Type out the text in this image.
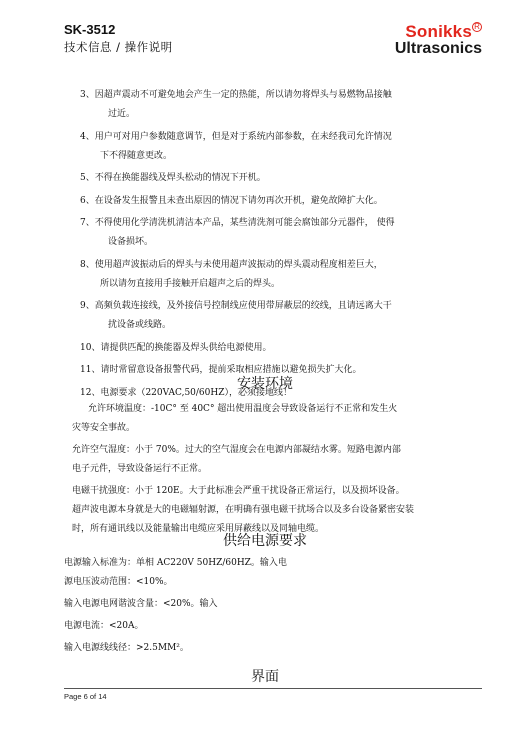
SK-3512
技术信息 / 操作说明
Sonikks R
Ultrasonics
3、因超声震动不可避免地会产生一定的热能，所以请勿将焊头与易燃物品接触
过近。
4、用户可对用户参数随意调节，但是对于系统内部参数，在未经我司允许情况
下不得随意更改。
5、不得在换能器线及焊头松动的情况下开机。
6、在设备发生报警且未查出原因的情况下请勿再次开机，避免故障扩大化。
7、不得使用化学清洗机清洁本产品，某些清洗剂可能会腐蚀部分元器件， 使得
设备损坏。
8、使用超声波振动后的焊头与未使用超声波振动的焊头震动程度相差巨大，
所以请勿直接用手接触开启超声之后的焊头。
9、高频负载连接线，及外接信号控制线应使用带屏蔽层的绞线，且请远离大干
扰设备或线路。
10、请提供匹配的换能器及焊头供给电源使用。
11、请时常留意设备报警代码，提前采取相应措施以避免损失扩大化。
12、电源要求（220VAC,50/60HZ），必须接地线！
安装环境

允许环境温度：-10C° 至 40C° 超出使用温度会导致设备运行不正常和发生火
灾等安全事故。

允许空气湿度：小于 70%。过大的空气湿度会在电源内部凝结水雾。短路电源内部
电子元件，导致设备运行不正常。

电磁干扰强度：小于 120E。大于此标准会严重干扰设备正常运行，以及损坏设备。
超声波电源本身就是大的电磁辐射源，在明确有强电磁干扰场合以及多台设备紧密安装
时，所有通讯线以及能量输出电缆应采用屏蔽线以及同轴电缆。

供给电源要求

电源输入标准为：单相 AC220V 50HZ/60HZ。输入电
源电压波动范围：<10%。

输入电源电网谐波含量：<20%。输入

电源电流：<20A。

输入电源线线径：>2.5MM²。

界面
Page 6 of 14
